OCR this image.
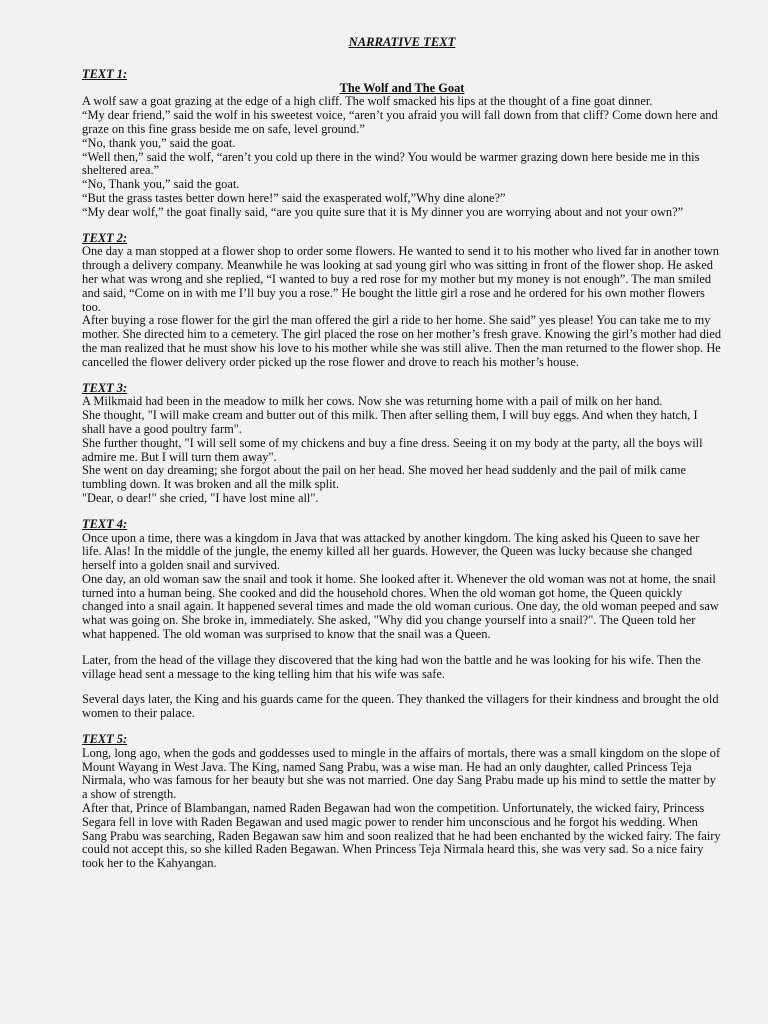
NARRATIVE TEXT
TEXT 1:
The Wolf and The Goat

A wolf saw a goat grazing at the edge of a high cliff. The wolf smacked his lips at the thought of a fine goat dinner.

“My dear friend,” said the wolf in his sweetest voice, “aren’t you afraid you will fall down from that cliff? Come down here and graze on this fine grass beside me on safe, level ground.”

“No, thank you,” said the goat.

“Well then,” said the wolf, “aren’t you cold up there in the wind? You would be warmer grazing down here beside me in this sheltered area.”

“No, Thank you,” said the goat.

“But the grass tastes better down here!” said the exasperated wolf,”Why dine alone?”

“My dear wolf,” the goat finally said, “are you quite sure that it is My dinner you are worrying about and not your own?”

TEXT 2:

One day a man stopped at a flower shop to order some flowers. He wanted to send it to his mother who lived far in another town through a delivery company. Meanwhile he was looking at sad young girl who was sitting in front of the flower shop. He asked her what was wrong and she replied, “I wanted to buy a red rose for my mother but my money is not enough”. The man smiled and said, “Come on in with me I’ll buy you a rose.” He bought the little girl a rose and he ordered for his own mother flowers too.

After buying a rose flower for the girl the man offered the girl a ride to her home. She said” yes please! You can take me to my mother. She directed him to a cemetery. The girl placed the rose on her mother’s fresh grave. Knowing the girl’s mother had died the man realized that he must show his love to his mother while she was still alive. Then the man returned to the flower shop. He cancelled the flower delivery order picked up the rose flower and drove to reach his mother’s house.

TEXT 3:

A Milkmaid had been in the meadow to milk her cows. Now she was returning home with a pail of milk on her hand.

She thought, "I will make cream and butter out of this milk. Then after selling them, I will buy eggs. And when they hatch, I shall have a good poultry farm".

She further thought, "I will sell some of my chickens and buy a fine dress. Seeing it on my body at the party, all the boys will admire me. But I will turn them away".

She went on day dreaming; she forgot about the pail on her head. She moved her head suddenly and the pail of milk came tumbling down. It was broken and all the milk split.

"Dear, o dear!" she cried, "I have lost mine all".

TEXT 4:

Once upon a time, there was a kingdom in Java that was attacked by another kingdom. The king asked his Queen to save her life. Alas! In the middle of the jungle, the enemy killed all her guards. However, the Queen was lucky because she changed herself into a golden snail and survived.

One day, an old woman saw the snail and took it home. She looked after it. Whenever the old woman was not at home, the snail turned into a human being. She cooked and did the household chores. When the old woman got home, the Queen quickly changed into a snail again. It happened several times and made the old woman curious. One day, the old woman peeped and saw what was going on. She broke in, immediately. She asked, "Why did you change yourself into a snail?". The Queen told her what happened. The old woman was surprised to know that the snail was a Queen.

Later, from the head of the village they discovered that the king had won the battle and he was looking for his wife. Then the village head sent a message to the king telling him that his wife was safe.

Several days later, the King and his guards came for the queen. They thanked the villagers for their kindness and brought the old women to their palace.

TEXT 5:

Long, long ago, when the gods and goddesses used to mingle in the affairs of mortals, there was a small kingdom on the slope of Mount Wayang in West Java. The King, named Sang Prabu, was a wise man. He had an only daughter, called Princess Teja Nirmala, who was famous for her beauty but she was not married. One day Sang Prabu made up his mind to settle the matter by a show of strength.

After that, Prince of Blambangan, named Raden Begawan had won the competition. Unfortunately, the wicked fairy, Princess Segara fell in love with Raden Begawan and used magic power to render him unconscious and he forgot his wedding. When Sang Prabu was searching, Raden Begawan saw him and soon realized that he had been enchanted by the wicked fairy. The fairy could not accept this, so she killed Raden Begawan. When Princess Teja Nirmala heard this, she was very sad. So a nice fairy took her to the Kahyangan.
